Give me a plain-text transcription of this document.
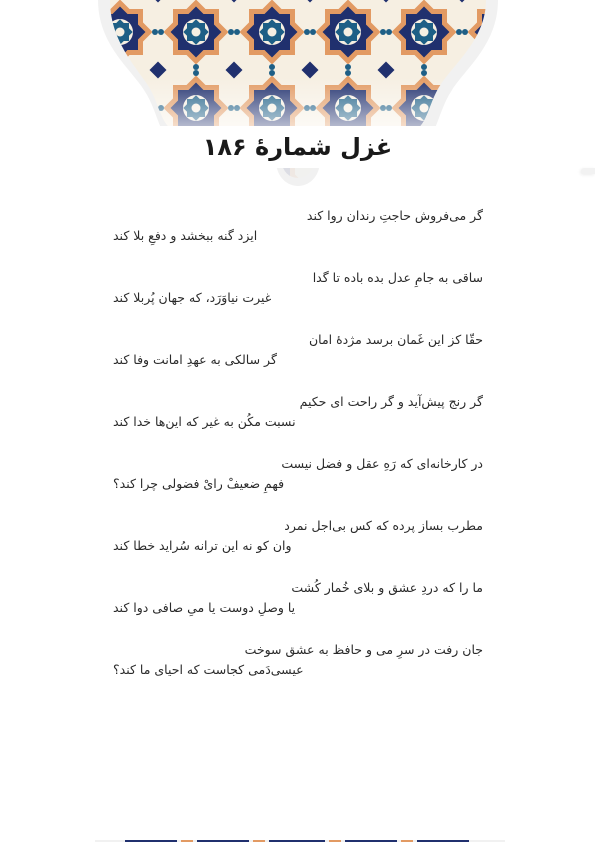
غزل شمارهٔ ۱۸۶
گر می‌فروش حاجتِ رندان روا کند
ایزد گنه ببخشد و دفعِ بلا کند
ساقی به جامِ عدل بده باده تا گدا
غیرت نیاوَرَد، که جهان پُربلا کند
حقّا کز این غَمان برسد مژدهٔ امان
گر سالکی به عهدِ امانت وفا کند
گر رنج پیش‌آید و گر راحت ای حکیم
نسبت مکُن به غیر که این‌ها خدا کند
در کارخانه‌ای که رَهِ عقل و فضل نیست
فهمِ ضعیفْ رایْ فضولی چرا کند؟
مطرب بساز پرده که کس بی‌اجل نمرد
وان کو نه این ترانه سُراید خطا کند
ما را که دردِ عشق و بلای خُمار کُشت
یا وصلِ دوست یا میِ صافی دوا کند
جان رفت در سرِ می و حافظ به عشق سوخت
عیسی‌دَمی کجاست که احیای ما کند؟
